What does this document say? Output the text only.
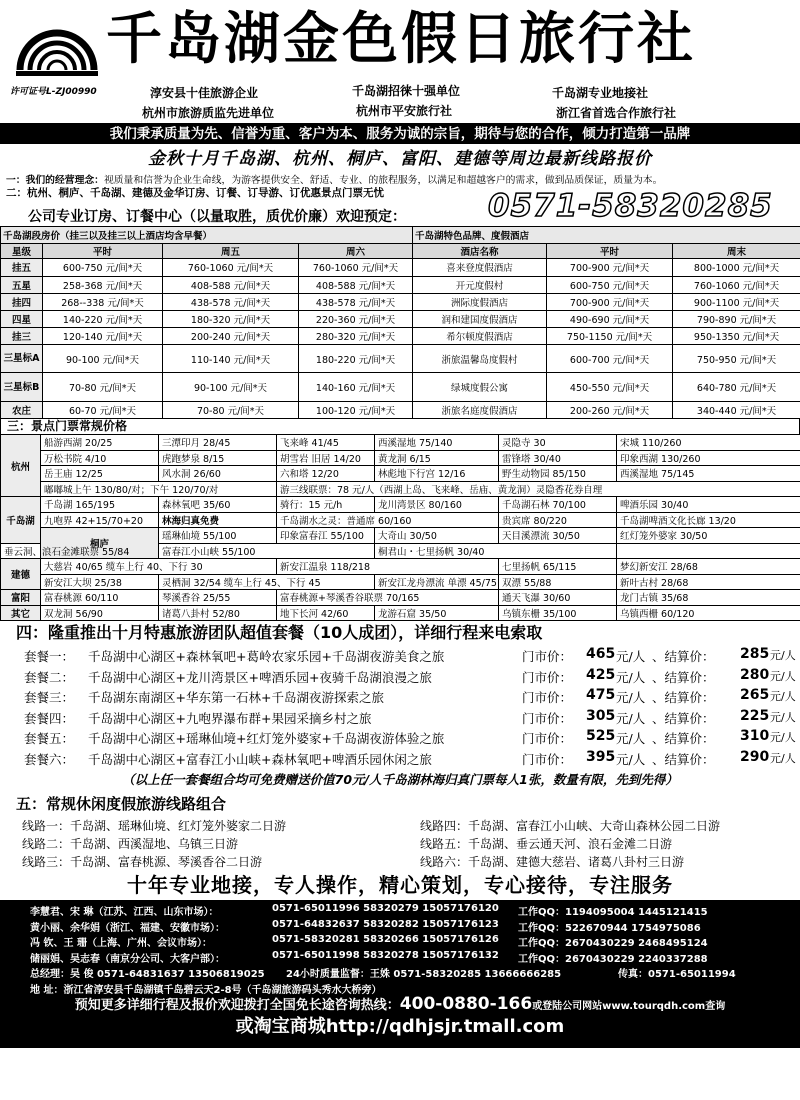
千岛湖金色假日旅行社
许可证号L-ZJ00990	淳安县十佳旅游企业	千岛湖招徕十强单位	千岛湖专业地接社
杭州市旅游质监先进单位	杭州市平安旅行社	浙江省首选合作旅行社
我们秉承质量为先、信誉为重、客户为本、服务为诚的宗旨，期待与您的合作，倾力打造第一品牌
金秋十月千岛湖、杭州、桐庐、富阳、建德等周边最新线路报价
一：我们的经营理念：视质量和信誉为企业生命线，为游客提供安全、舒适、专业、的旅程服务，以满足和超越客户的需求，做到品质保证，质量为本。
二：杭州、桐庐、千岛湖、建德及金华订房、订餐、订导游、订优惠景点门票无忧
公司专业订房、订餐中心（以量取胜，质优价廉）欢迎预定：	0571-58320285
千岛湖段房价（挂三以及挂三以上酒店均含早餐）				千岛湖特色品牌、度假酒店		
星级	平时	周五	周六	酒店名称	平时	周末
挂五	600-750 元/间*天	760-1060 元/间*天	760-1060 元/间*天	喜来登度假酒店	700-900 元/间*天	800-1000 元/间*天
五星	258-368 元/间*天	408-588 元/间*天	408-588 元/间*天	开元度假村	600-750 元/间*天	760-1060 元/间*天
挂四	268--338 元/间*天	438-578 元/间*天	438-578 元/间*天	洲际度假酒店	700-900 元/间*天	900-1100 元/间*天
四星	140-220 元/间*天	180-320 元/间*天	220-360 元/间*天	润和建国度假酒店	490-690 元/间*天	790-890 元/间*天
挂三	120-140 元/间*天	200-240 元/间*天	280-320 元/间*天	希尔顿度假酒店	750-1150 元/间*天	950-1350 元/间*天
三星标A	90-100 元/间*天	110-140 元/间*天	180-220 元/间*天	浙旅温馨岛度假村	600-700 元/间*天	750-950 元/间*天
三星标B	70-80 元/间*天	90-100 元/间*天	140-160 元/间*天	绿城度假公寓	450-550 元/间*天	640-780 元/间*天
农庄	60-70 元/间*天	70-80 元/间*天	100-120 元/间*天	浙旅名庭度假酒店	200-260 元/间*天	340-440 元/间*天
三：景点门票常规价格
杭州	船游西湖 20/25	三潭印月 28/45	飞来峰 41/45	西溪湿地 75/140	灵隐寺 30	宋城 110/260
	万松书院 4/10	虎跑梦泉 8/15	胡雪岩 旧居 14/20	黄龙洞 6/15	雷锋塔 30/40	印象西湖 130/260
	岳王庙 12/25	风水洞 26/60	六和塔 12/20	林彪地下行宫 12/16	野生动物园 85/150	西溪湿地 75/145
	嘟嘟城上午 130/80/对；下午 120/70/对		游三线联票：78 元/人（西湖上岛、飞来峰、岳庙、黄龙洞）灵隐香花券自理			
千岛湖	千岛湖 165/195	森林氧吧 35/60	骑行：15 元/h	龙川湾景区 80/160	千岛湖石林 70/100	啤酒乐园 30/40
	九咆界 42+15/70+20	林海归真免费	千岛湖水之灵：普通席 60/160		贵宾席 80/220	千岛湖啤酒文化长廊 13/20
	桐庐	瑶琳仙境 55/100	印象富春江 55/100	大奇山 30/50	天目溪漂流 30/50	红灯笼外婆家 30/50
垂云洞、浪石金滩联票 55/84		富春江小山峡 55/100		桐君山・七里扬帆 30/40		
建德	大慈岩 40/65 缆车上行 40、下行 30		新安江温泉 118/218		七里扬帆 65/115	梦幻新安江 28/68
	新安江大坝 25/38	灵栖洞 32/54 缆车上行 45、下行 45		新安江龙舟漂流 单漂 45/75	双漂 55/88	新叶古村 28/68
富阳	富春桃源 60/110	琴溪香谷 25/55	富春桃源+琴溪香谷联票 70/165		通天飞瀑 30/60	龙门古镇 35/68
其它	双龙洞 56/90	诸葛八卦村 52/80	地下长河 42/60	龙游石窟 35/50	乌镇东栅 35/100	乌镇西栅 60/120
四：隆重推出十月特惠旅游团队超值套餐（10人成团），详细行程来电索取
套餐一： 千岛湖中心湖区+森林氧吧+葛岭农家乐园+千岛湖夜游美食之旅	门市价： 465 元/人 、结算价： 285 元/人
套餐二： 千岛湖中心湖区+龙川湾景区+啤酒乐园+夜骑千岛湖浪漫之旅	门市价： 425 元/人 、结算价： 280 元/人
套餐三： 千岛湖东南湖区+华东第一石林+千岛湖夜游探索之旅	门市价： 475 元/人 、结算价： 265 元/人
套餐四： 千岛湖中心湖区+九咆界瀑布群+果园采摘乡村之旅	门市价： 305 元/人 、结算价： 225 元/人
套餐五： 千岛湖中心湖区+瑶琳仙境+红灯笼外婆家+千岛湖夜游体验之旅	门市价： 525 元/人 、结算价： 310 元/人
套餐六： 千岛湖中心湖区+富春江小山峡+森林氧吧+啤酒乐园休闲之旅	门市价： 395 元/人 、结算价： 290 元/人
（以上任一套餐组合均可免费赠送价值70元/人千岛湖林海归真门票每人1张，数量有限，先到先得）
五：常规休闲度假旅游线路组合
线路一：千岛湖、瑶琳仙境、红灯笼外婆家二日游	线路四：千岛湖、富春江小山峡、大奇山森林公园二日游
线路二：千岛湖、西溪湿地、乌镇三日游	线路五：千岛湖、垂云通天河、浪石金滩二日游
线路三：千岛湖、富春桃源、琴溪香谷二日游	线路六：千岛湖、建德大慈岩、诸葛八卦村三日游
十年专业地接，专人操作，精心策划，专心接待，专注服务
李慧君、宋 琳（江苏、江西、山东市场）：	0571-65011996 58320279 15057176120 工作QQ：1194095004 1445121415
黄小丽、余华娟（浙江、福建、安徽市场）：	0571-64832637 58320282 15057176123 工作QQ：522670944 1754975086
冯 钦、王 珊（上海、广州、会议市场）：	0571-58320281 58320266 15057176126 工作QQ：2670430229 2468495124
储丽娟、吴志春（南京分公司、大客户部）：	0571-65011998 58320278 15057176132 工作QQ：2670430229 2240337288
总经理：吴 俊 0571-64831637 13506819025 24小时质量监督：王姝 0571-58320285 13666666285	传真：0571-65011994
地 址：浙江省淳安县千岛湖镇千岛碧云天2-8号（千岛湖旅游码头秀水大桥旁）
预知更多详细行程及报价欢迎拨打全国免长途咨询热线：400-0880-166或登陆公司网站www.tourqdh.com查询
或淘宝商城http://qdhjsjr.tmall.com
